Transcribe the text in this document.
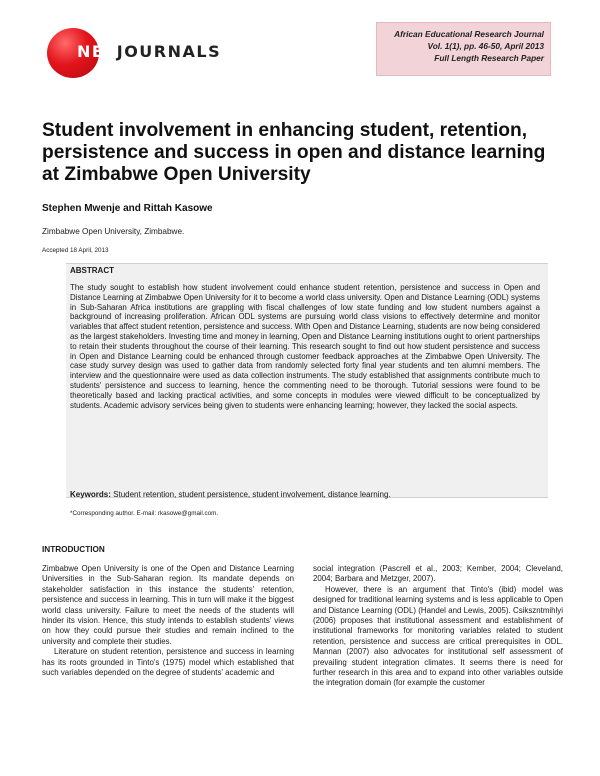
NETJOURNALS
African Educational Research Journal
Vol. 1(1), pp. 46-50, April 2013
Full Length Research Paper
Student involvement in enhancing student, retention, persistence and success in open and distance learning at Zimbabwe Open University
Stephen Mwenje and Rittah Kasowe
Zimbabwe Open University, Zimbabwe.
Accepted 18 April, 2013
ABSTRACT
The study sought to establish how student involvement could enhance student retention, persistence and success in Open and Distance Learning at Zimbabwe Open University for it to become a world class university. Open and Distance Learning (ODL) systems in Sub-Saharan Africa institutions are grappling with fiscal challenges of low state funding and low student numbers against a background of increasing proliferation. African ODL systems are pursuing world class visions to effectively determine and monitor variables that affect student retention, persistence and success. With Open and Distance Learning, students are now being considered as the largest stakeholders. Investing time and money in learning, Open and Distance Learning institutions ought to orient partnerships to retain their students throughout the course of their learning. This research sought to find out how student persistence and success in Open and Distance Learning could be enhanced through customer feedback approaches at the Zimbabwe Open University. The case study survey design was used to gather data from randomly selected forty final year students and ten alumni members. The interview and the questionnaire were used as data collection instruments. The study established that assignments contribute much to students' persistence and success to learning, hence the commenting need to be thorough. Tutorial sessions were found to be theoretically based and lacking practical activities, and some concepts in modules were viewed difficult to be conceptualized by students. Academic advisory services being given to students were enhancing learning; however, they lacked the social aspects.
Keywords: Student retention, student persistence, student involvement, distance learning.
*Corresponding author. E-mail: rkasowe@gmail.com.
INTRODUCTION

Zimbabwe Open University is one of the Open and Distance Learning Universities in the Sub-Saharan region. Its mandate depends on stakeholder satisfaction in this instance the students' retention, persistence and success in learning. This in turn will make it the biggest world class university. Failure to meet the needs of the students will hinder its vision. Hence, this study intends to establish students' views on how they could pursue their studies and remain inclined to the university and complete their studies.

Literature on student retention, persistence and success in learning has its roots grounded in Tinto's (1975) model which established that such variables depended on the degree of students' academic and

social integration (Pascrell et al., 2003; Kember, 2004; Cleveland, 2004; Barbara and Metzger, 2007).

However, there is an argument that Tinto's (ibid) model was designed for traditional learning systems and is less applicable to Open and Distance Learning (ODL) (Handel and Lewis, 2005). Csikszntmihlyi (2006) proposes that institutional assessment and establishment of institutional frameworks for monitoring variables related to student retention, persistence and success are critical prerequisites in ODL. Mannan (2007) also advocates for institutional self assessment of prevailing student integration climates. It seems there is need for further research in this area and to expand into other variables outside the integration domain (for example the customer
